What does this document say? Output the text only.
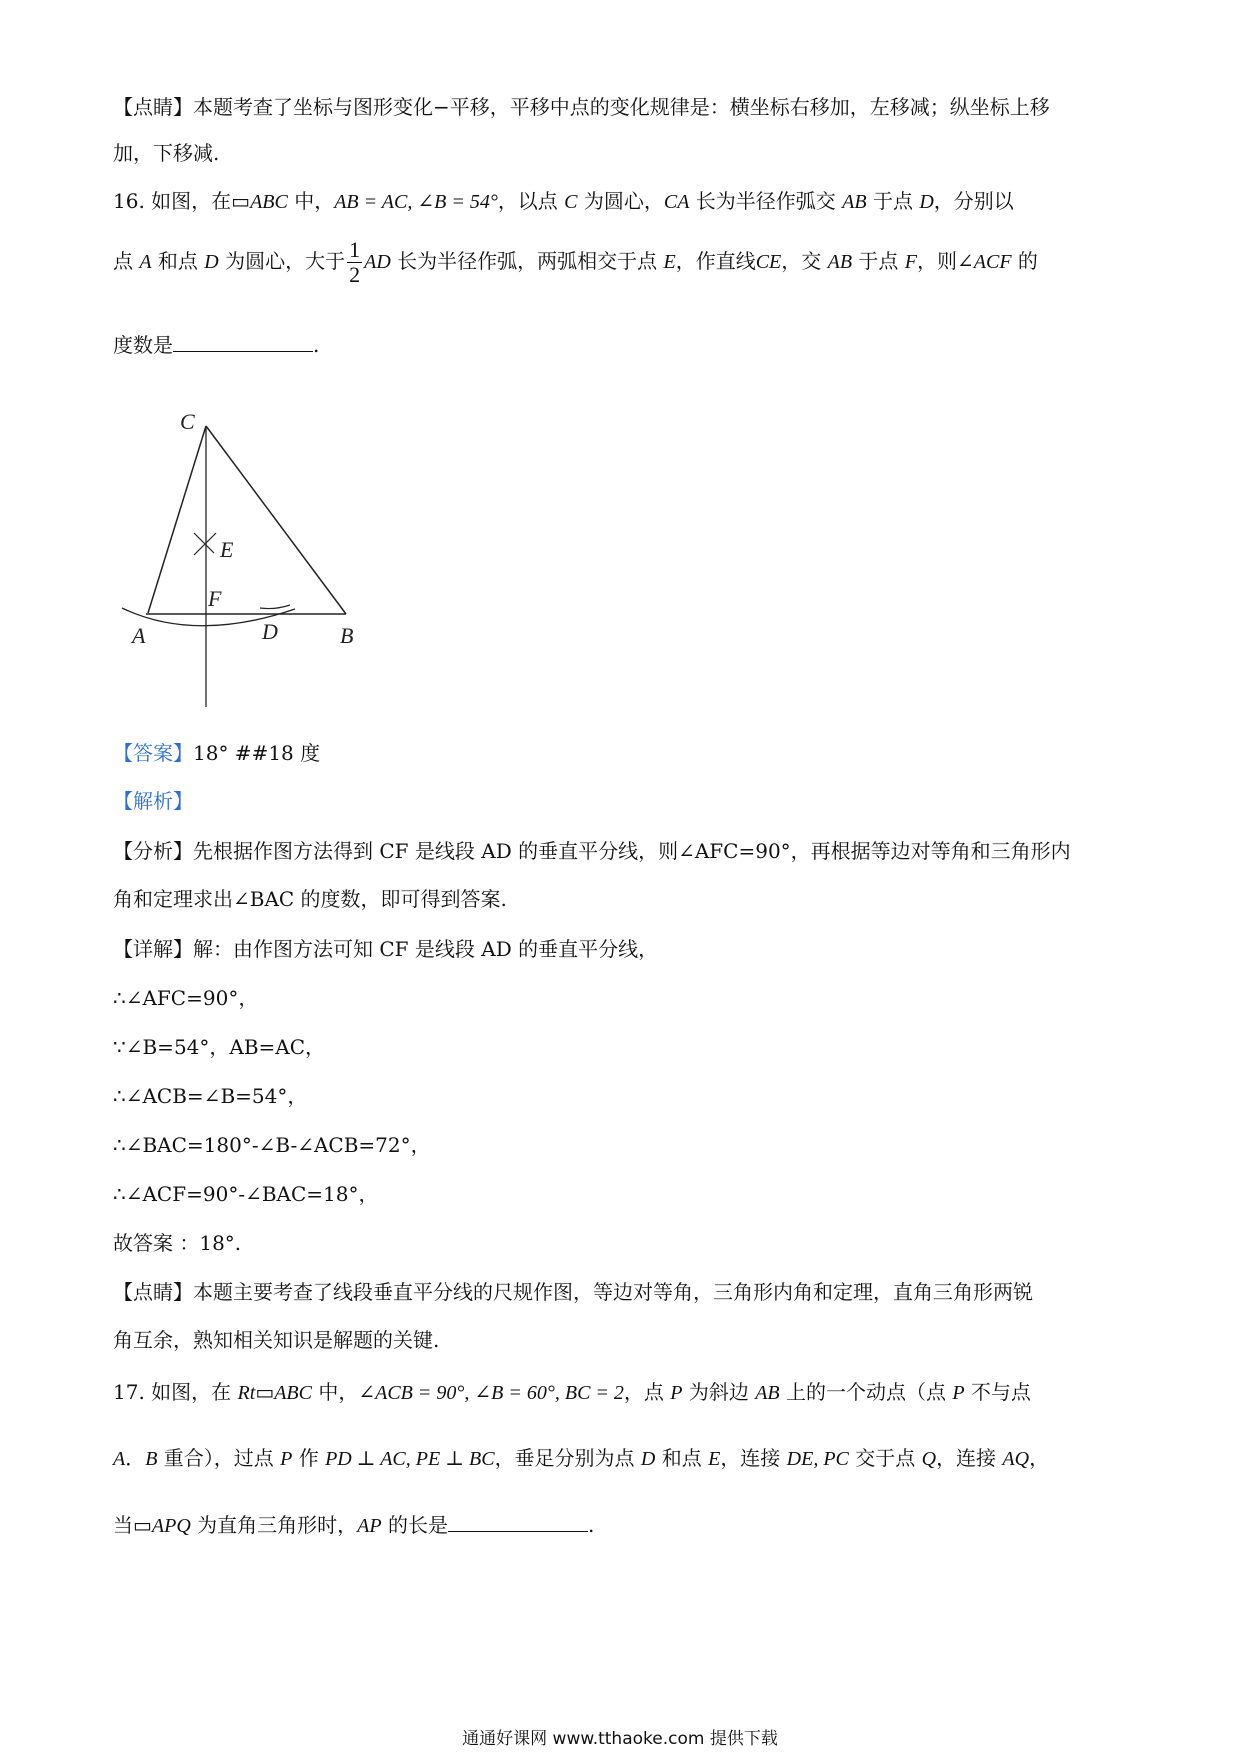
【点睛】本题考查了坐标与图形变化−平移，平移中点的变化规律是：横坐标右移加，左移减；纵坐标上移
加，下移减.
16. 如图，在▭ABC 中，AB = AC, ∠B = 54°，以点 C 为圆心，CA 长为半径作弧交 AB 于点 D，分别以
点 A 和点 D 为圆心，大于 $\frac{1}{2}$ AD 长为半径作弧，两弧相交于点 E，作直线CE，交 AB 于点 F，则∠ACF 的
度数是	.
C
E
F
A	D	B
【答案】18° ##18 度
【解析】
【分析】先根据作图方法得到 CF 是线段 AD 的垂直平分线，则∠AFC=90°，再根据等边对等角和三角形内
角和定理求出∠BAC 的度数，即可得到答案.
【详解】解：由作图方法可知 CF 是线段 AD 的垂直平分线，
∴∠AFC=90°，
∵∠B=54°，AB=AC，
∴∠ACB=∠B=54°，
∴∠BAC=180°-∠B-∠ACB=72°，
∴∠ACF=90°-∠BAC=18°，
故答案 ：18°.
【点睛】本题主要考查了线段垂直平分线的尺规作图，等边对等角，三角形内角和定理，直角三角形两锐
角互余，熟知相关知识是解题的关键.
17. 如图，在 Rt▭ABC 中，∠ACB = 90°, ∠B = 60°, BC = 2，点 P 为斜边 AB 上的一个动点（点 P 不与点
A．B 重合），过点 P 作 PD ⊥ AC, PE ⊥ BC，垂足分别为点 D 和点 E，连接 DE, PC 交于点 Q，连接 AQ，
当▭APQ 为直角三角形时，AP 的长是	.
通通好课网 www.tthaoke.com 提供下载
